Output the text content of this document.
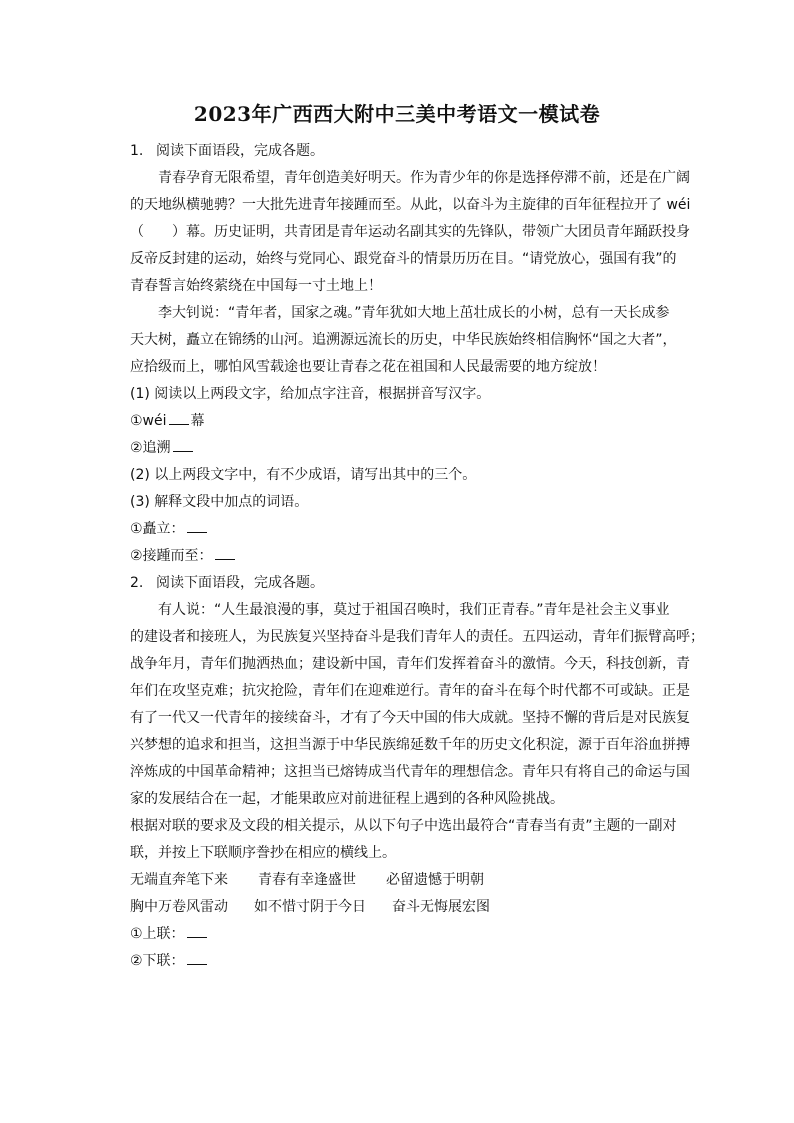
2023年广西西大附中三美中考语文一模试卷
1. 阅读下面语段，完成各题。
青春孕育无限希望，青年创造美好明天。作为青少年的你是选择停滞不前，还是在广阔
的天地纵横驰骋？一大批先进青年接踵而至。从此，以奋斗为主旋律的百年征程拉开了 wéi
（　　）幕。历史证明，共青团是青年运动名副其实的先锋队，带领广大团员青年踊跃投身
反帝反封建的运动，始终与党同心、跟党奋斗的情景历历在目。“请党放心，强国有我”的
青春誓言始终萦绕在中国每一寸土地上！
李大钊说：“青年者，国家之魂。”青年犹如大地上茁壮成长的小树，总有一天长成参
天大树，矗立在锦绣的山河。追溯源远流长的历史，中华民族始终相信胸怀“国之大者”，
应拾级而上，哪怕风雪载途也要让青春之花在祖国和人民最需要的地方绽放！
(1) 阅读以上两段文字，给加点字注音，根据拼音写汉字。
①wéi 幕
②追溯
(2) 以上两段文字中，有不少成语，请写出其中的三个。
(3) 解释文段中加点的词语。
①矗立：
②接踵而至：
2. 阅读下面语段，完成各题。
有人说：“人生最浪漫的事，莫过于祖国召唤时，我们正青春。”青年是社会主义事业
的建设者和接班人，为民族复兴坚持奋斗是我们青年人的责任。五四运动，青年们振臂高呼；
战争年月，青年们抛洒热血；建设新中国，青年们发挥着奋斗的激情。今天，科技创新，青
年们在攻坚克难；抗灾抢险，青年们在迎难逆行。青年的奋斗在每个时代都不可或缺。正是
有了一代又一代青年的接续奋斗，才有了今天中国的伟大成就。坚持不懈的背后是对民族复
兴梦想的追求和担当，这担当源于中华民族绵延数千年的历史文化积淀，源于百年浴血拼搏
淬炼成的中国革命精神；这担当已熔铸成当代青年的理想信念。青年只有将自己的命运与国
家的发展结合在一起，才能果敢应对前进征程上遇到的各种风险挑战。
根据对联的要求及文段的相关提示，从以下句子中选出最符合“青春当有责”主题的一副对
联，并按上下联顺序誊抄在相应的横线上。
无端直奔笔下来 青春有幸逢盛世 必留遗憾于明朝
胸中万卷风雷动 如不惜寸阴于今日 奋斗无悔展宏图
①上联：
②下联：
